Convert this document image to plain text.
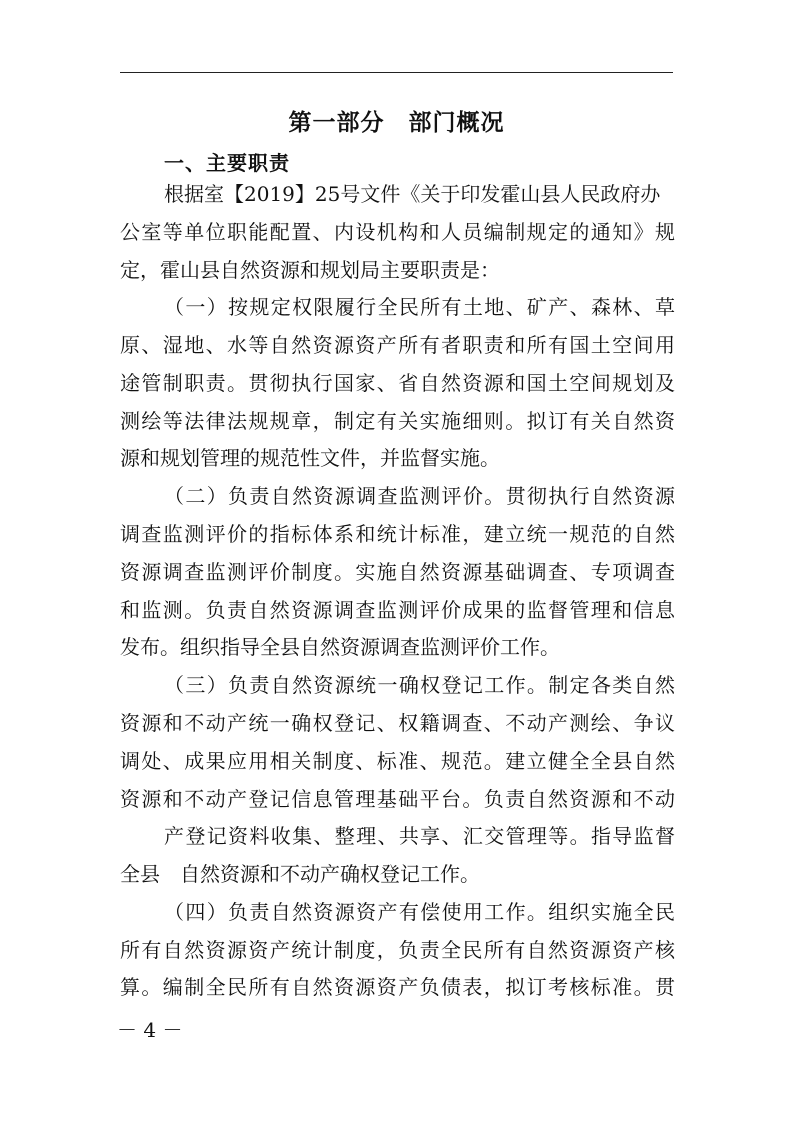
第一部分　部门概况
一、主要职责
根据室【2019】25号文件《关于印发霍山县人民政府办
公室等单位职能配置、内设机构和人员编制规定的通知》规
定，霍山县自然资源和规划局主要职责是：
（一）按规定权限履行全民所有土地、矿产、森林、草
原、湿地、水等自然资源资产所有者职责和所有国土空间用
途管制职责。贯彻执行国家、省自然资源和国土空间规划及
测绘等法律法规规章，制定有关实施细则。拟订有关自然资
源和规划管理的规范性文件，并监督实施。
（二）负责自然资源调查监测评价。贯彻执行自然资源
调查监测评价的指标体系和统计标准，建立统一规范的自然
资源调查监测评价制度。实施自然资源基础调查、专项调查
和监测。负责自然资源调查监测评价成果的监督管理和信息
发布。组织指导全县自然资源调查监测评价工作。
（三）负责自然资源统一确权登记工作。制定各类自然
资源和不动产统一确权登记、权籍调查、不动产测绘、争议
调处、成果应用相关制度、标准、规范。建立健全全县自然
资源和不动产登记信息管理基础平台。负责自然资源和不动
产登记资料收集、整理、共享、汇交管理等。指导监督
全县　自然资源和不动产确权登记工作。
（四）负责自然资源资产有偿使用工作。组织实施全民
所有自然资源资产统计制度，负责全民所有自然资源资产核
算。编制全民所有自然资源资产负债表，拟订考核标准。贯
－ 4 －
